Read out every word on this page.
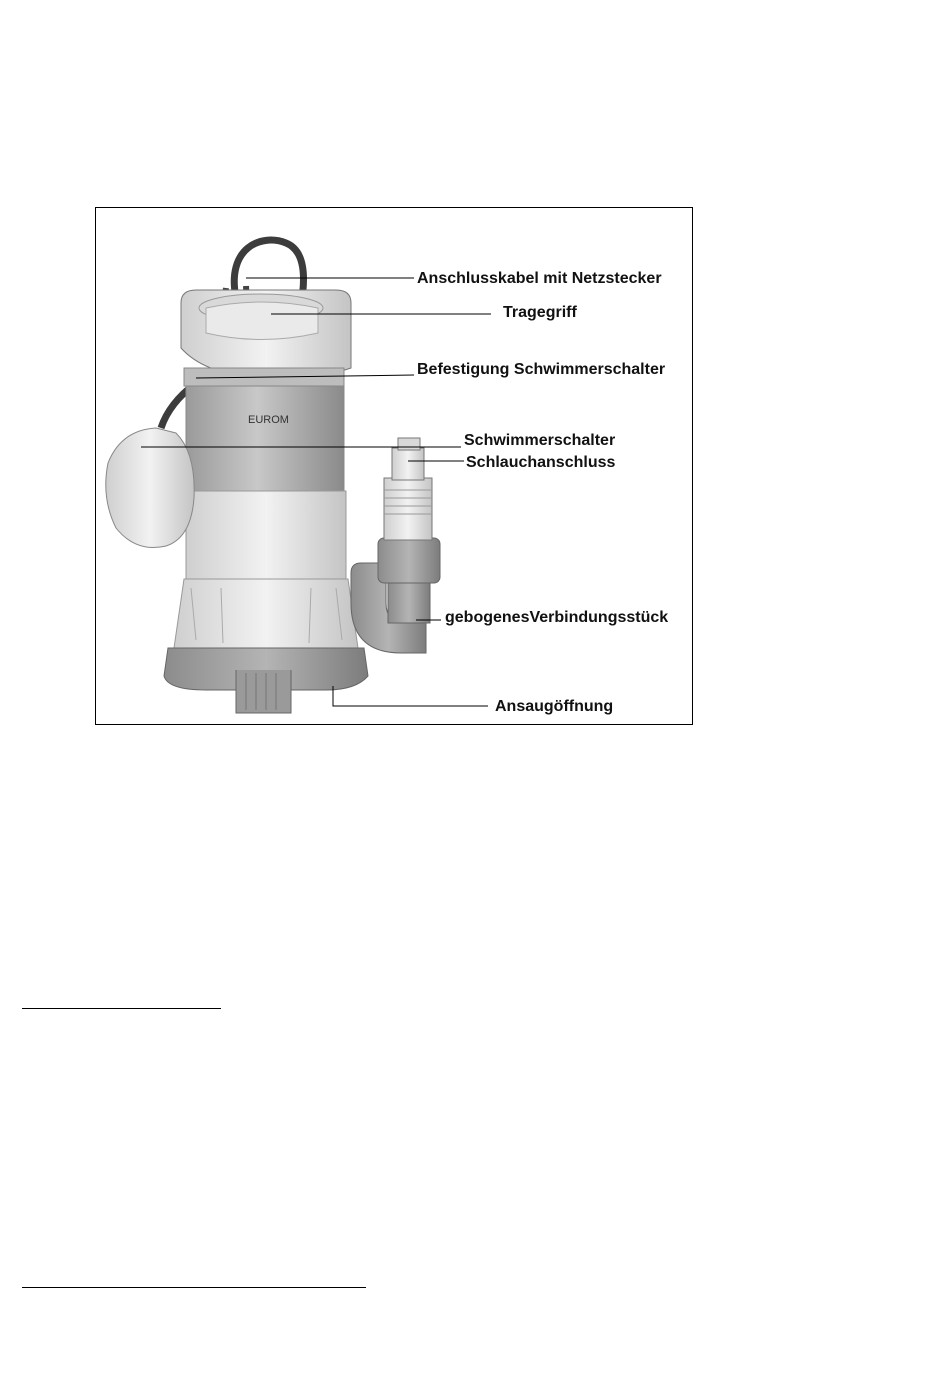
EUROM
Anschlusskabel mit Netzstecker
Tragegriff
Befestigung Schwimmerschalter
Schwimmerschalter
Schlauchanschluss
gebogenesVerbindungsstück
Ansaugöffnung
